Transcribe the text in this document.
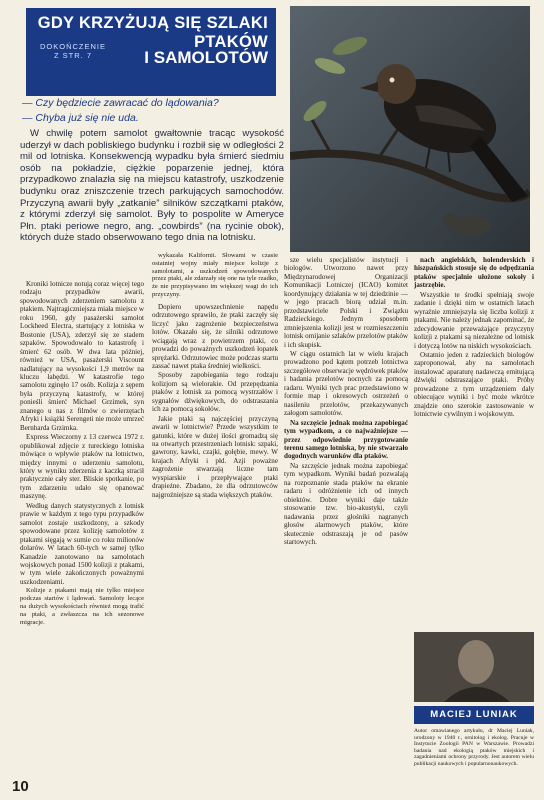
GDY KRZYŻUJĄ SIĘ SZLAKI PTAKÓW
DOKOŃCZENIE Z STR. 7	I SAMOLOTÓW
— Czy będziecie zawracać do lądowania?
— Chyba już się nie uda.

W chwilę potem samolot gwałtownie tracąc wysokość uderzył w dach pobliskiego budynku i rozbił się w odległości 2 mil od lotniska. Konsekwencją wypadku była śmierć siedmiu osób na pokładzie, ciężkie poparzenie jednej, która przypadkowo znalazła się na miejscu katastrofy, uszkodzenie budynku oraz zniszczenie trzech parkujących samochodów. Przyczyną awarii były „zatkanie” silników szczątkami ptaków, z którymi zderzył się samolot. Były to pospolite w Ameryce Płn. ptaki periowe negro, ang. „cowbirds” (na rycinie obok), których duże stado obserwowano tego dnia na lotnisku.

Kroniki lotnicze notują coraz więcej tego rodzaju przypadków awarii, spowodowanych zderzeniem samolotu z ptakiem. Najtragiczniejsza miała miejsce w roku 1960, gdy pasażerski samolot Lockheed Electra, startujący z lotniska w Bostonie (USA), zderzył się ze stadem szpaków. Spowodowało to katastrofę i śmierć 62 osób. W dwa lata później, również w USA, pasażerski Viscount nadlatujący na wysokości 1,9 metrów na kluczu łabędzi. W katastrofie tego samolotu zginęło 17 osób. Kolizja z sępem była przyczyną katastrofy, w której ponieśli śmierć Michael Grzimek, syn znanego u nas z filmów o zwierzętach Afryki i książki Serengeti nie może umrzeć Bernharda Grzimka.

Express Wieczorny z 13 czerwca 1972 r. opublikował zdjęcie z tureckiego lotniska mówiące o wpływie ptaków na lotnictwo, między innymi o uderzeniu samolotu, który w wyniku zderzenia z kaczką stracił praktycznie cały ster. Bliskie spotkanie, po tym zdarzeniu udało się opanować maszynę.

Według danych statystycznych z lotnisk prawie w każdym z tego typu przypadków samolot zostaje uszkodzony, a szkody spowodowane przez kolizję samolotów z ptakami sięgają w sumie co roku milionów dolarów. W latach 60-tych w samej tylko Kanadzie zanotowano na samolotach wojskowych ponad 1500 kolizji z ptakami, w tym wiele zakończonych poważnymi uszkodzeniami.

Kolizje z ptakami mają nie tylko miejsce podczas startów i lądowań. Samoloty lecące na dużych wysokościach również mogą trafić na ptaki, a zwłaszcza na ich sezonowe migracje.

wykazała Kalifornii. Słowami w czasie ostatniej wojny miały miejsce kolizje z samolotami, a uszkodzeń spowodowanych przez ptaki, ale zdarzały się one na tyle rzadko, że nie przypisywano im większej wagi do ich przyczyny.

Dopiero upowszechnienie napędu odrzutowego sprawiło, że ptaki zaczęły się liczyć jako zagrożenie bezpieczeństwa lotów. Okazało się, że silniki odrzutowe wciągają wraz z powietrzem ptaki, co prowadzi do poważnych uszkodzeń łopatek sprężarki. Odrzutowiec może podczas startu zassać nawet ptaka średniej wielkości.

Sposoby zapobiegania tego rodzaju kolizjom są wielorakie. Od przepędzania ptaków z lotnisk za pomocą wystrzałów i sygnałów dźwiękowych, do odstraszania ich za pomocą sokołów.

Jakie ptaki są najczęściej przyczyną awarii w lotnictwie? Przede wszystkim te gatunki, które w dużej ilości gromadzą się na otwartych przestrzeniach lotnisk: szpaki, gawrony, kawki, czajki, gołębie, mewy. W krajach Afryki i płd. Azji poważne zagrożenie stwarzają liczne tam wyspiarskie i przepływające ptaki drapieżne. Zbadano, że dla odrzutowców najgroźniejsze są stada większych ptaków.

sze wielu specjalistów instytucji i biologów. Utworzono nawet przy Międzynarodowej Organizacji Komunikacji Lotniczej (ICAO) komitet koordynujący działania w tej dziedzinie — w jego pracach biorą udział m.in. przedstawiciele Polski i Związku Radzieckiego. Jednym sposobem zmniejszenia kolizji jest w rozmieszczeniu lotnisk omijanie szlaków przelotów ptaków i ich skupisk.

W ciągu ostatnich lat w wielu krajach prowadzono pod kątem potrzeb lotnictwa szczegółowe obserwacje wędrówek ptaków i badania przelotów nocnych za pomocą radaru. Wyniki tych prac przedstawiono w formie map i okresowych ostrzeżeń o nasileniu przelotów, przekazywanych załogom samolotów.

Na szczęście jednak można zapobiegać tym wypadkom, a co najważniejsze — przez odpowiednie przygotowanie terenu samego lotniska, by nie stwarzało dogodnych warunków dla ptaków.

Na szczęście jednak można zapobiegać tym wypadkom. Wyniki badań pozwalają na rozpoznanie stada ptaków na ekranie radaru i odróżnienie ich od innych obiektów. Dobre wyniki daje także stosowanie tzw. bio-akustyki, czyli nadawania przez głośniki nagranych głosów alarmowych ptaków, które skutecznie odstraszają je od pasów startowych.

nach angielskich, holenderskich i hiszpańskich stosuje się do odpędzania ptaków specjalnie ułożone sokoły i jastrzębie.

Wszystkie te środki spełniają swoje zadanie i dzięki nim w ostatnich latach wyraźnie zmniejszyła się liczba kolizji z ptakami. Nie należy jednak zapominać, że zdecydowanie przeważające przyczyny kolizji z ptakami są niezależne od lotnisk i dotyczą lotów na niskich wysokościach.

Ostatnio jeden z radzieckich biologów zaproponował, aby na samolotach instalować aparaturę nadawczą emitującą dźwięki odstraszające ptaki. Próby prowadzone z tym urządzeniem dały obiecujące wyniki i być może wkrótce znajdzie ono szerokie zastosowanie w lotnictwie cywilnym i wojskowym.

MACIEJ LUNIAK

Autor omawianego artykułu, dr Maciej Luniak, urodzony w 1940 r., ornitolog i ekolog. Pracuje w Instytucie Zoologii PAN w Warszawie. Prowadzi badania nad ekologią ptaków miejskich i zagadnieniami ochrony przyrody. Jest autorem wielu publikacji naukowych i popularnonaukowych.

10
